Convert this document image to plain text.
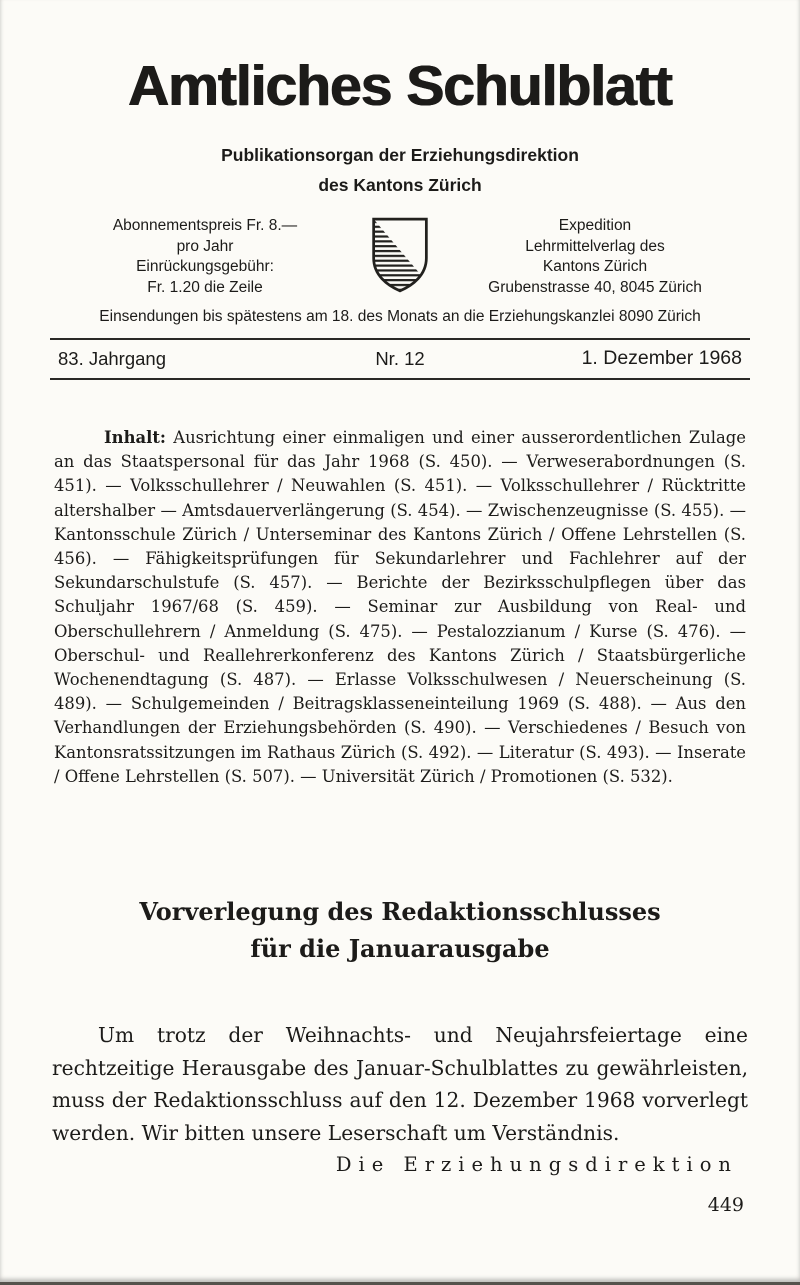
Amtliches Schulblatt
Publikationsorgan der Erziehungsdirektion
des Kantons Zürich
Abonnementspreis Fr. 8.—
pro Jahr
Einrückungsgebühr:
Fr. 1.20 die Zeile
Expedition
Lehrmittelverlag des
Kantons Zürich
Grubenstrasse 40, 8045 Zürich
Einsendungen bis spätestens am 18. des Monats an die Erziehungskanzlei 8090 Zürich
83. Jahrgang	Nr. 12	1. Dezember 1968

Inhalt: Ausrichtung einer einmaligen und einer ausserordentlichen Zulage an das Staatspersonal für das Jahr 1968 (S. 450). — Verweserabordnungen (S. 451). — Volksschullehrer / Neuwahlen (S. 451). — Volksschullehrer / Rücktritte altershalber — Amtsdauerverlängerung (S. 454). — Zwischenzeugnisse (S. 455). — Kantonsschule Zürich / Unterseminar des Kantons Zürich / Offene Lehrstellen (S. 456). — Fähigkeitsprüfungen für Sekundarlehrer und Fachlehrer auf der Sekundarschulstufe (S. 457). — Berichte der Bezirksschulpflegen über das Schuljahr 1967/68 (S. 459). — Seminar zur Ausbildung von Real- und Oberschullehrern / Anmeldung (S. 475). — Pestalozzianum / Kurse (S. 476). — Oberschul- und Reallehrerkonferenz des Kantons Zürich / Staatsbürgerliche Wochenendtagung (S. 487). — Erlasse Volksschulwesen / Neuerscheinung (S. 489). — Schulgemeinden / Beitragsklasseneinteilung 1969 (S. 488). — Aus den Verhandlungen der Erziehungsbehörden (S. 490). — Verschiedenes / Besuch von Kantonsratssitzungen im Rathaus Zürich (S. 492). — Literatur (S. 493). — Inserate / Offene Lehrstellen (S. 507). — Universität Zürich / Promotionen (S. 532).

Vorverlegung des Redaktionsschlusses
für die Januarausgabe

Um trotz der Weihnachts- und Neujahrsfeiertage eine rechtzeitige Herausgabe des Januar-Schulblattes zu gewährleisten, muss der Redaktionsschluss auf den 12. Dezember 1968 vorverlegt werden. Wir bitten unsere Leserschaft um Verständnis.

Die Erziehungsdirektion
449
